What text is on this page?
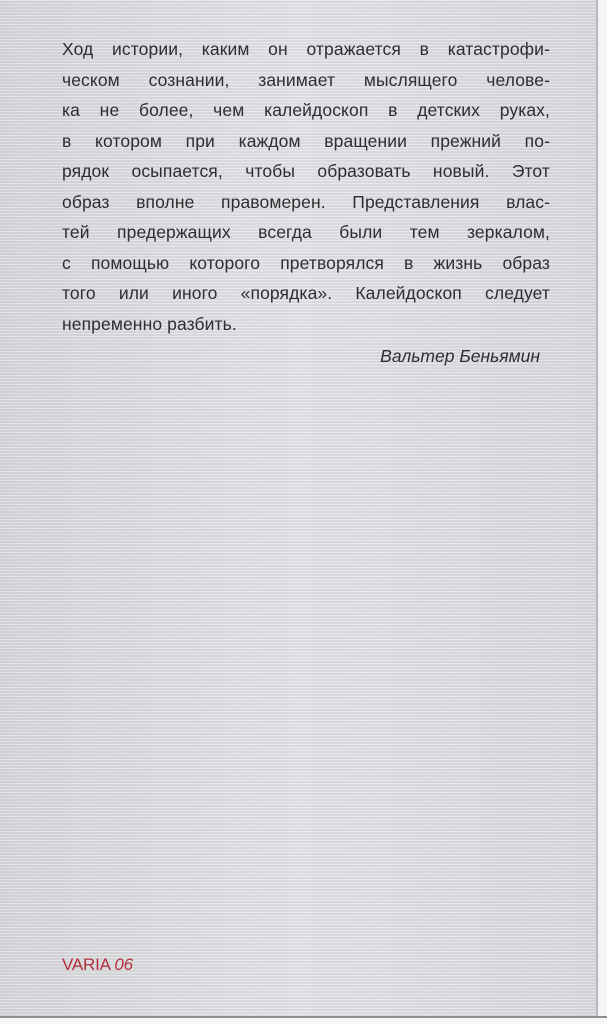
Ход истории, каким он отражается в катастрофи-
ческом сознании, занимает мыслящего челове-
ка не более, чем калейдоскоп в детских руках,
в котором при каждом вращении прежний по-
рядок осыпается, чтобы образовать новый. Этот
образ вполне правомерен. Представления влас-
тей предержащих всегда были тем зеркалом,
с помощью которого претворялся в жизнь образ
того или иного «порядка». Калейдоскоп следует
непременно разбить.

Вальтер Беньямин

VARIA 06
